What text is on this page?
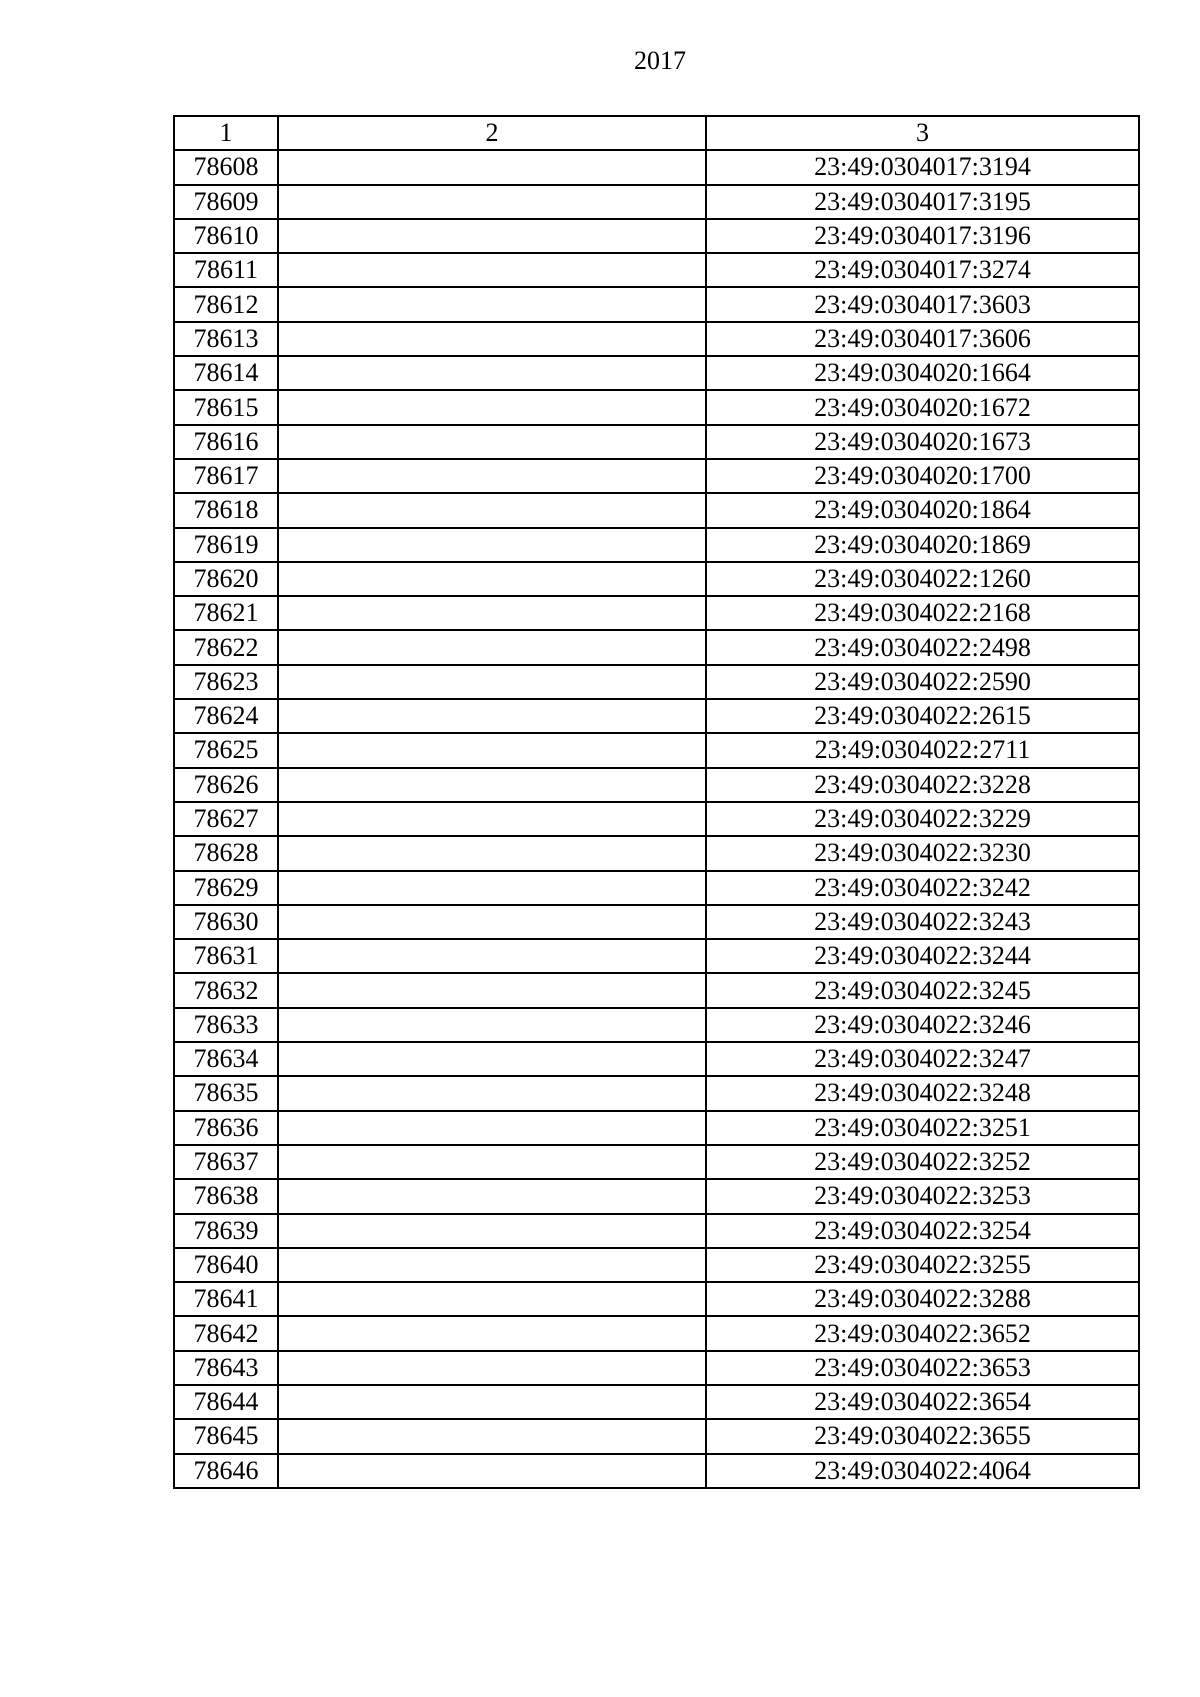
2017
1	2	3
78608		23:49:0304017:3194
78609		23:49:0304017:3195
78610		23:49:0304017:3196
78611		23:49:0304017:3274
78612		23:49:0304017:3603
78613		23:49:0304017:3606
78614		23:49:0304020:1664
78615		23:49:0304020:1672
78616		23:49:0304020:1673
78617		23:49:0304020:1700
78618		23:49:0304020:1864
78619		23:49:0304020:1869
78620		23:49:0304022:1260
78621		23:49:0304022:2168
78622		23:49:0304022:2498
78623		23:49:0304022:2590
78624		23:49:0304022:2615
78625		23:49:0304022:2711
78626		23:49:0304022:3228
78627		23:49:0304022:3229
78628		23:49:0304022:3230
78629		23:49:0304022:3242
78630		23:49:0304022:3243
78631		23:49:0304022:3244
78632		23:49:0304022:3245
78633		23:49:0304022:3246
78634		23:49:0304022:3247
78635		23:49:0304022:3248
78636		23:49:0304022:3251
78637		23:49:0304022:3252
78638		23:49:0304022:3253
78639		23:49:0304022:3254
78640		23:49:0304022:3255
78641		23:49:0304022:3288
78642		23:49:0304022:3652
78643		23:49:0304022:3653
78644		23:49:0304022:3654
78645		23:49:0304022:3655
78646		23:49:0304022:4064
